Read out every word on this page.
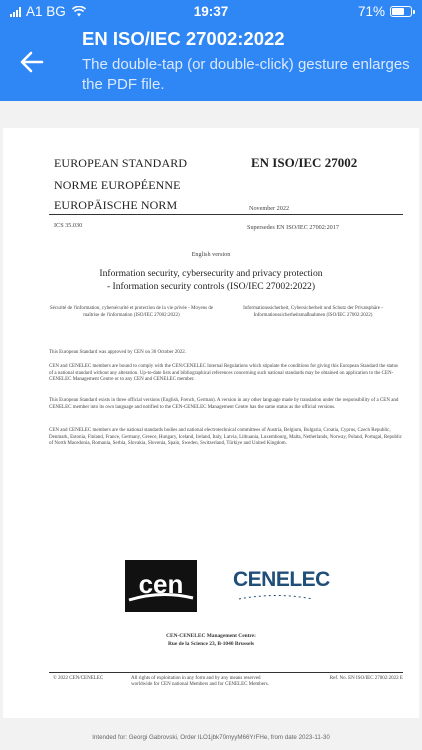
A1 BG	19:37	71%
EN ISO/IEC 27002:2022
The double-tap (or double-click) gesture enlarges the PDF file.
EUROPEAN STANDARD
NORME EUROPÉENNE
EUROPÄISCHE NORM
EN ISO/IEC 27002
November 2022
ICS 35.030	Supersedes EN ISO/IEC 27002:2017
English version
Information security, cybersecurity and privacy protection
- Information security controls (ISO/IEC 27002:2022)
Sécurité de l'information, cybersécurité et protection de la vie privée - Moyens de maîtrise de l'information (ISO/IEC 27002:2022)
Informationssicherheit, Cybersicherheit und Schutz der Privatsphäre - Informationssicherheitsmaßnahmen (ISO/IEC 27002:2022)
This European Standard was approved by CEN on 30 October 2022.
CEN and CENELEC members are bound to comply with the CEN/CENELEC Internal Regulations which stipulate the conditions for giving this European Standard the status of a national standard without any alteration. Up-to-date lists and bibliographical references concerning such national standards may be obtained on application to the CEN-CENELEC Management Centre or to any CEN and CENELEC member.
This European Standard exists in three official versions (English, French, German). A version in any other language made by translation under the responsibility of a CEN and CENELEC member into its own language and notified to the CEN-CENELEC Management Centre has the same status as the official versions.
CEN and CENELEC members are the national standards bodies and national electrotechnical committees of Austria, Belgium, Bulgaria, Croatia, Cyprus, Czech Republic, Denmark, Estonia, Finland, France, Germany, Greece, Hungary, Iceland, Ireland, Italy, Latvia, Lithuania, Luxembourg, Malta, Netherlands, Norway, Poland, Portugal, Republic of North Macedonia, Romania, Serbia, Slovakia, Slovenia, Spain, Sweden, Switzerland, Türkiye and United Kingdom.
cen CENELEC
CEN-CENELEC Management Centre:
Rue de la Science 23, B-1040 Brussels
© 2022 CEN/CENELEC	All rights of exploitation in any form and by any means reserved worldwide for CEN national Members and for CENELEC Members.
Ref. No. EN ISO/IEC 27002:2022 E
Intended for: Georgi Gabrovski, Order ILO1jbk70myyM66YrFHe, from date 2023-11-30
